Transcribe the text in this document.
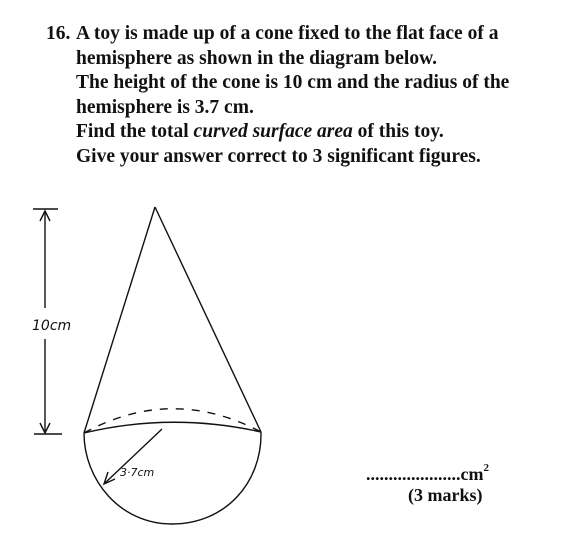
16. A toy is made up of a cone fixed to the flat face of a
hemisphere as shown in the diagram below.
The height of the cone is 10 cm and the radius of the
hemisphere is 3.7 cm.
Find the total curved surface area of this toy.
Give your answer correct to 3 significant figures.
10cm
3·7cm	$.....................cm^2$
(3 marks)
